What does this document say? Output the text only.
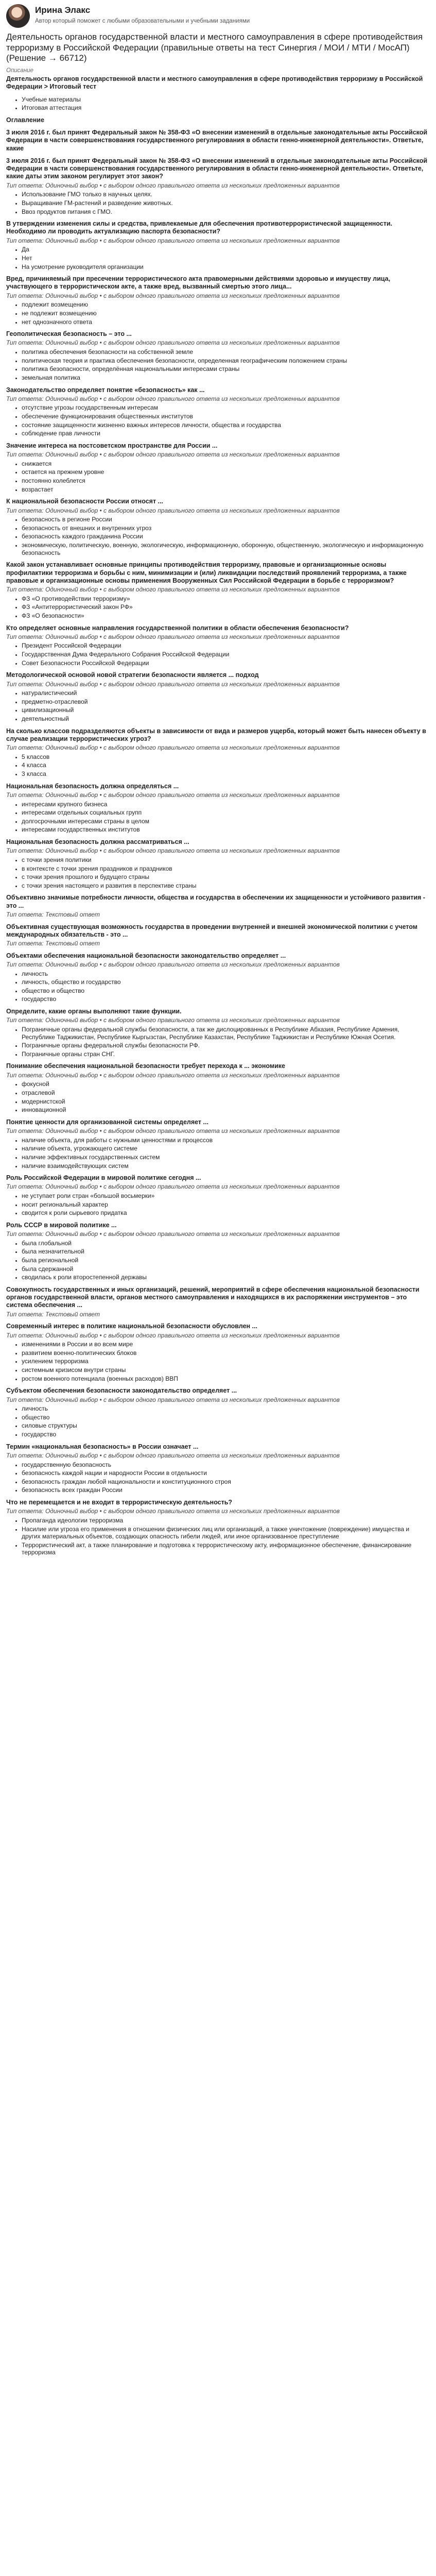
Ирина Элакс
Автор который поможет с любыми образовательными и учебными заданиями
Деятельность органов государственной власти и местного самоуправления в сфере противодействия терроризму в Российской Федерации (правильные ответы на тест Синергия / МОИ / МТИ / МосАП) (Решение → 66712)
Описание
Деятельность органов государственной власти и местного самоуправления в сфере противодействия терроризму в Российской Федерации > Итоговый тест
• Учебные материалы
• Итоговая аттестация
Оглавление
3 июля 2016 г. был принят Федеральный закон № 358-ФЗ «О внесении изменений в отдельные законодательные акты Российской Федерации в части совершенствования государственного регулирования в области генно-инженерной деятельности». Ответьте, какие
3 июля 2016 г. был принят Федеральный закон № 358-ФЗ «О внесении изменений в отдельные законодательные акты Российской Федерации в части совершенствования государственного регулирования в области генно-инженерной деятельности». Ответьте, какие даты этим законом регулирует этот закон?
Тип ответа: Одиночный выбор • с выбором одного правильного ответа из нескольких предложенных вариантов
• Использование ГМО только в научных целях.
• Выращивание ГМ-растений и разведение животных.
• Ввоз продуктов питания с ГМО.
В утверждении изменения силы и средства, привлекаемые для обеспечения противотеррористической защищенности. Необходимо ли проводить актуализацию паспорта безопасности?
Тип ответа: Одиночный выбор • с выбором одного правильного ответа из нескольких предложенных вариантов
• Да
• Нет
• На усмотрение руководителя организации
Вред, причиняемый при пресечении террористического акта правомерными действиями здоровью и имуществу лица, участвующего в террористическом акте, а также вред, вызванный смертью этого лица...
Тип ответа: Одиночный выбор • с выбором одного правильного ответа из нескольких предложенных вариантов
• подлежит возмещению
• не подлежит возмещению
• нет однозначного ответа
Геополитическая безопасность – это ...
Тип ответа: Одиночный выбор • с выбором одного правильного ответа из нескольких предложенных вариантов
• политика обеспечения безопасности на собственной земле
• политическая теория и практика обеспечения безопасности, определенная географическим положением страны
• политика безопасности, определённая национальными интересами страны
• земельная политика
Законодательство определяет понятие «безопасность» как ...
Тип ответа: Одиночный выбор • с выбором одного правильного ответа из нескольких предложенных вариантов
• отсутствие угрозы государственным интересам
• обеспечение функционирования общественных институтов
• состояние защищенности жизненно важных интересов личности, общества и государства
• соблюдение прав личности
Значение интереса на постсоветском пространстве для России ...
Тип ответа: Одиночный выбор • с выбором одного правильного ответа из нескольких предложенных вариантов
• снижается
• остается на прежнем уровне
• постоянно колеблется
• возрастает
К национальной безопасности России относят ...
Тип ответа: Одиночный выбор • с выбором одного правильного ответа из нескольких предложенных вариантов
• безопасность в регионе России
• безопасность от внешних и внутренних угроз
• безопасность каждого гражданина России
• экономическую, политическую, военную, экологическую, информационную, оборонную, общественную, экологическую и информационную безопасность
Какой закон устанавливает основные принципы противодействия терроризму, правовые и организационные основы профилактики терроризма и борьбы с ним, минимизации и (или) ликвидации последствий проявлений терроризма, а также правовые и организационные основы применения Вооруженных Сил Российской Федерации в борьбе с терроризмом?
Тип ответа: Одиночный выбор • с выбором одного правильного ответа из нескольких предложенных вариантов
• ФЗ «О противодействии терроризму»
• ФЗ «Антитеррористический закон РФ»
• ФЗ «О безопасности»
Кто определяет основные направления государственной политики в области обеспечения безопасности?
Тип ответа: Одиночный выбор • с выбором одного правильного ответа из нескольких предложенных вариантов
• Президент Российской Федерации
• Государственная Дума Федерального Собрания Российской Федерации
• Совет Безопасности Российской Федерации
Методологической основой новой стратегии безопасности является ... подход
Тип ответа: Одиночный выбор • с выбором одного правильного ответа из нескольких предложенных вариантов
• натуралистический
• предметно-отраслевой
• цивилизационный
• деятельностный
На сколько классов подразделяются объекты в зависимости от вида и размеров ущерба, который может быть нанесен объекту в случае реализации террористических угроз?
Тип ответа: Одиночный выбор • с выбором одного правильного ответа из нескольких предложенных вариантов
• 5 классов
• 4 класса
• 3 класса
Национальная безопасность должна определяться ...
Тип ответа: Одиночный выбор • с выбором одного правильного ответа из нескольких предложенных вариантов
• интересами крупного бизнеса
• интересами отдельных социальных групп
• долгосрочными интересами страны в целом
• интересами государственных институтов
Национальная безопасность должна рассматриваться ...
Тип ответа: Одиночный выбор • с выбором одного правильного ответа из нескольких предложенных вариантов
• с точки зрения политики
• в контексте с точки зрения праздников и праздников
• с точки зрения прошлого и будущего страны
• с точки зрения настоящего и развития в перспективе страны
Объективно значимые потребности личности, общества и государства в обеспечении их защищенности и устойчивого развития - это ...
Тип ответа: Текстовый ответ
Объективная существующая возможность государства в проведении внутренней и внешней экономической политики с учетом международных обязательств - это ...
Тип ответа: Текстовый ответ
Объектами обеспечения национальной безопасности законодательство определяет ...
Тип ответа: Одиночный выбор • с выбором одного правильного ответа из нескольких предложенных вариантов
• личность
• личность, общество и государство
• общество и общество
• государство
Определите, какие органы выполняют такие функции.
Тип ответа: Одиночный выбор • с выбором одного правильного ответа из нескольких предложенных вариантов
• Пограничные органы федеральной службы безопасности, а так же дислоцированных в Республике Абхазия, Республике Армения, Республике Таджикистан, Республике Кыргызстан, Республике Казахстан, Республике Таджикистан и Республике Южная Осетия.
• Пограничные органы федеральной службы безопасности РФ.
• Пограничные органы стран СНГ.
Понимание обеспечения национальной безопасности требует перехода к ... экономике
Тип ответа: Одиночный выбор • с выбором одного правильного ответа из нескольких предложенных вариантов
• фокусной
• отраслевой
• модернистской
• инновационной
Понятие ценности для организованной системы определяет ...
Тип ответа: Одиночный выбор • с выбором одного правильного ответа из нескольких предложенных вариантов
• наличие объекта, для работы с нужными ценностями и процессов
• наличие объекта, угрожающего системе
• наличие эффективных государственных систем
• наличие взаимодействующих систем
Роль Российской Федерации в мировой политике сегодня ...
Тип ответа: Одиночный выбор • с выбором одного правильного ответа из нескольких предложенных вариантов
• не уступает роли стран «большой восьмерки»
• носит региональный характер
• сводится к роли сырьевого придатка
Роль СССР в мировой политике ...
Тип ответа: Одиночный выбор • с выбором одного правильного ответа из нескольких предложенных вариантов
• была глобальной
• была незначительной
• была региональной
• была сдержанной
• сводилась к роли второстепенной державы
Совокупность государственных и иных организаций, решений, мероприятий в сфере обеспечения национальной безопасности органов государственной власти, органов местного самоуправления и находящихся в их распоряжении инструментов – это система обеспечения ...
Тип ответа: Текстовый ответ
Современный интерес в политике национальной безопасности обусловлен ...
Тип ответа: Одиночный выбор • с выбором одного правильного ответа из нескольких предложенных вариантов
• изменениями в России и во всем мире
• развитием военно-политических блоков
• усилением терроризма
• системным кризисом внутри страны
• ростом военного потенциала (военных расходов) ВВП
Субъектом обеспечения безопасности законодательство определяет ...
Тип ответа: Одиночный выбор • с выбором одного правильного ответа из нескольких предложенных вариантов
• личность
• общество
• силовые структуры
• государство
Термин «национальная безопасность» в России означает ...
Тип ответа: Одиночный выбор • с выбором одного правильного ответа из нескольких предложенных вариантов
• государственную безопасность
• безопасность каждой нации и народности России в отдельности
• безопасность граждан любой национальности и конституционного строя
• безопасность всех граждан России
Что не перемещается и не входит в террористическую деятельность?
Тип ответа: Одиночный выбор • с выбором одного правильного ответа из нескольких предложенных вариантов
• Пропаганда идеологии терроризма
• Насилие или угроза его применения в отношении физических лиц или организаций, а также уничтожение (повреждение) имущества и других материальных объектов, создающих опасность гибели людей, или иное организованное преступление
• Террористический акт, а также планирование и подготовка к террористическому акту, информационное обеспечение, финансирование терроризма
